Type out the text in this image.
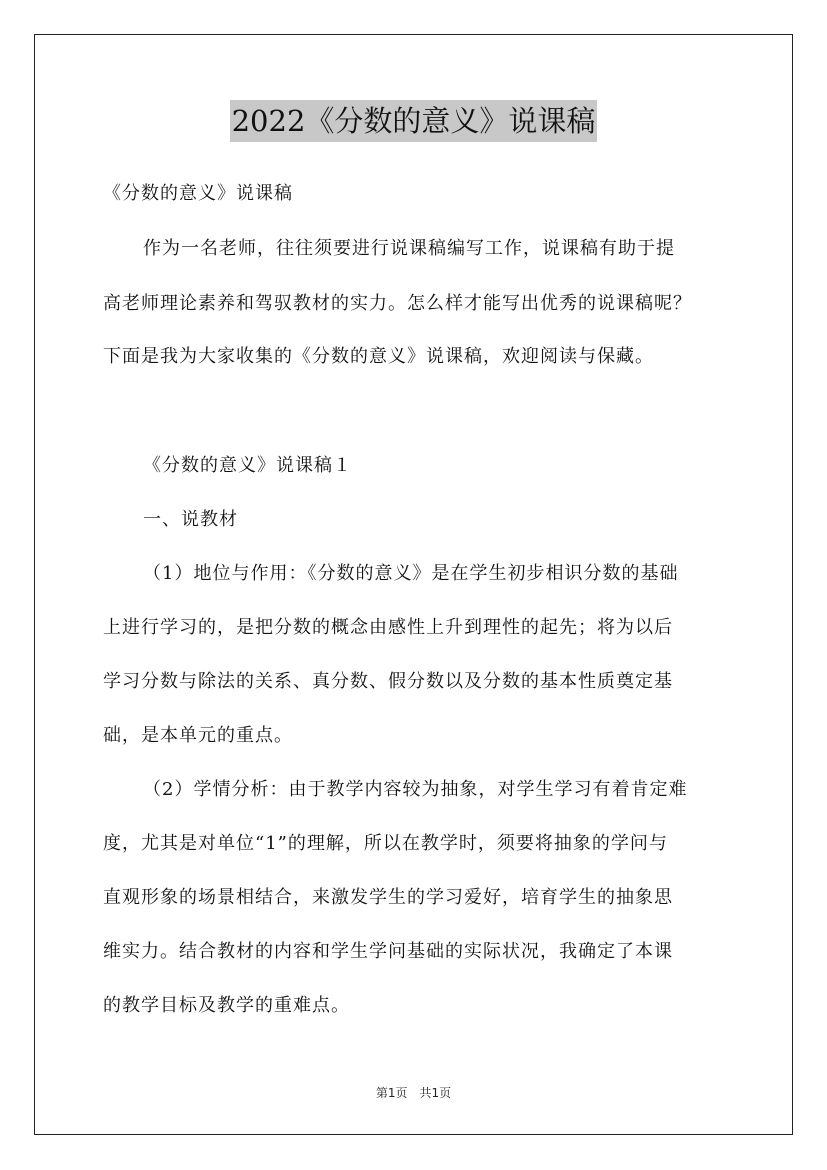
2022《分数的意义》说课稿
《分数的意义》说课稿
作为一名老师，往往须要进行说课稿编写工作，说课稿有助于提
高老师理论素养和驾驭教材的实力。怎么样才能写出优秀的说课稿呢？
下面是我为大家收集的《分数的意义》说课稿，欢迎阅读与保藏。
《分数的意义》说课稿１
一、说教材
（1）地位与作用：《分数的意义》是在学生初步相识分数的基础
上进行学习的，是把分数的概念由感性上升到理性的起先；将为以后
学习分数与除法的关系、真分数、假分数以及分数的基本性质奠定基
础，是本单元的重点。
（2）学情分析：由于教学内容较为抽象，对学生学习有着肯定难
度，尤其是对单位“1”的理解，所以在教学时，须要将抽象的学问与
直观形象的场景相结合，来激发学生的学习爱好，培育学生的抽象思
维实力。结合教材的内容和学生学问基础的实际状况，我确定了本课
的教学目标及教学的重难点。
第1页　共1页
